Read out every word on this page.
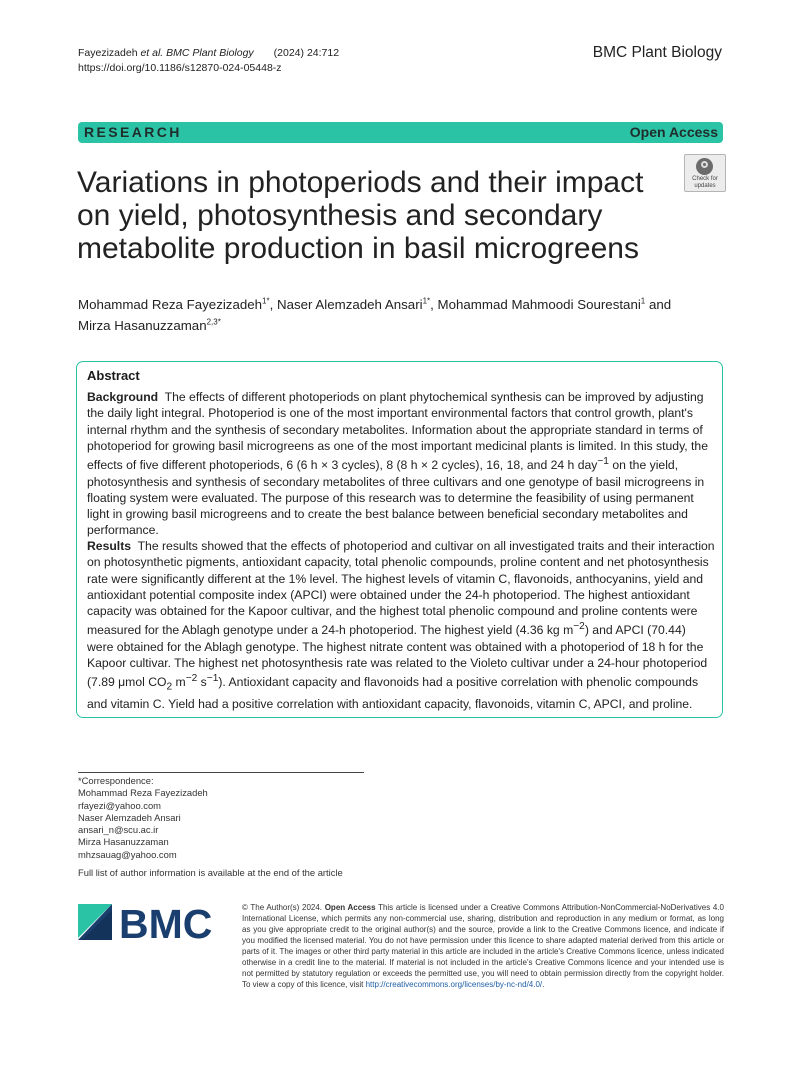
Fayezizadeh et al. BMC Plant Biology (2024) 24:712
https://doi.org/10.1186/s12870-024-05448-z
BMC Plant Biology
RESEARCH	Open Access
Variations in photoperiods and their impact on yield, photosynthesis and secondary metabolite production in basil microgreens
Check for
updates
Mohammad Reza Fayezizadeh$^{1*}$, Naser Alemzadeh Ansari$^{1*}$, Mohammad Mahmoodi Sourestani$^1$ and
Mirza Hasanuzzaman$^{2,3*}$
Abstract

Background The effects of different photoperiods on plant phytochemical synthesis can be improved by adjusting the daily light integral. Photoperiod is one of the most important environmental factors that control growth, plant's internal rhythm and the synthesis of secondary metabolites. Information about the appropriate standard in terms of photoperiod for growing basil microgreens as one of the most important medicinal plants is limited. In this study, the effects of five different photoperiods, 6 (6 h × 3 cycles), 8 (8 h × 2 cycles), 16, 18, and 24 h day$^{-1}$ on the yield, photosynthesis and synthesis of secondary metabolites of three cultivars and one genotype of basil microgreens in floating system were evaluated. The purpose of this research was to determine the feasibility of using permanent light in growing basil microgreens and to create the best balance between beneficial secondary metabolites and performance.

Results The results showed that the effects of photoperiod and cultivar on all investigated traits and their interaction on photosynthetic pigments, antioxidant capacity, total phenolic compounds, proline content and net photosynthesis rate were significantly different at the 1% level. The highest levels of vitamin C, flavonoids, anthocyanins, yield and antioxidant potential composite index (APCI) were obtained under the 24-h photoperiod. The highest antioxidant capacity was obtained for the Kapoor cultivar, and the highest total phenolic compound and proline contents were measured for the Ablagh genotype under a 24-h photoperiod. The highest yield (4.36 kg $m^{-2}$) and APCI (70.44) were obtained for the Ablagh genotype. The highest nitrate content was obtained with a photoperiod of 18 h for the Kapoor cultivar. The highest net photosynthesis rate was related to the Violeto cultivar under a 24-hour photoperiod (7.89 μmol $CO_2$ $m^{-2}$ $s^{-1}$). Antioxidant capacity and flavonoids had a positive correlation with phenolic compounds and vitamin C. Yield had a positive correlation with antioxidant capacity, flavonoids, vitamin C, APCI, and proline.

*Correspondence:
Mohammad Reza Fayezizadeh
rfayezi@yahoo.com
Naser Alemzadeh Ansari
ansari_n@scu.ac.ir
Mirza Hasanuzzaman
mhzsauag@yahoo.com
Full list of author information is available at the end of the article
BMC	© The Author(s) 2024. Open Access This article is licensed under a Creative Commons Attribution-NonCommercial-NoDerivatives 4.0 International License, which permits any non-commercial use, sharing, distribution and reproduction in any medium or format, as long as you give appropriate credit to the original author(s) and the source, provide a link to the Creative Commons licence, and indicate if you modified the licensed material. You do not have permission under this licence to share adapted material derived from this article or parts of it. The images or other third party material in this article are included in the article's Creative Commons licence, unless indicated otherwise in a credit line to the material. If material is not included in the article's Creative Commons licence and your intended use is not permitted by statutory regulation or exceeds the permitted use, you will need to obtain permission directly from the copyright holder. To view a copy of this licence, visit http://creativecommons.org/licenses/by-nc-nd/4.0/.
